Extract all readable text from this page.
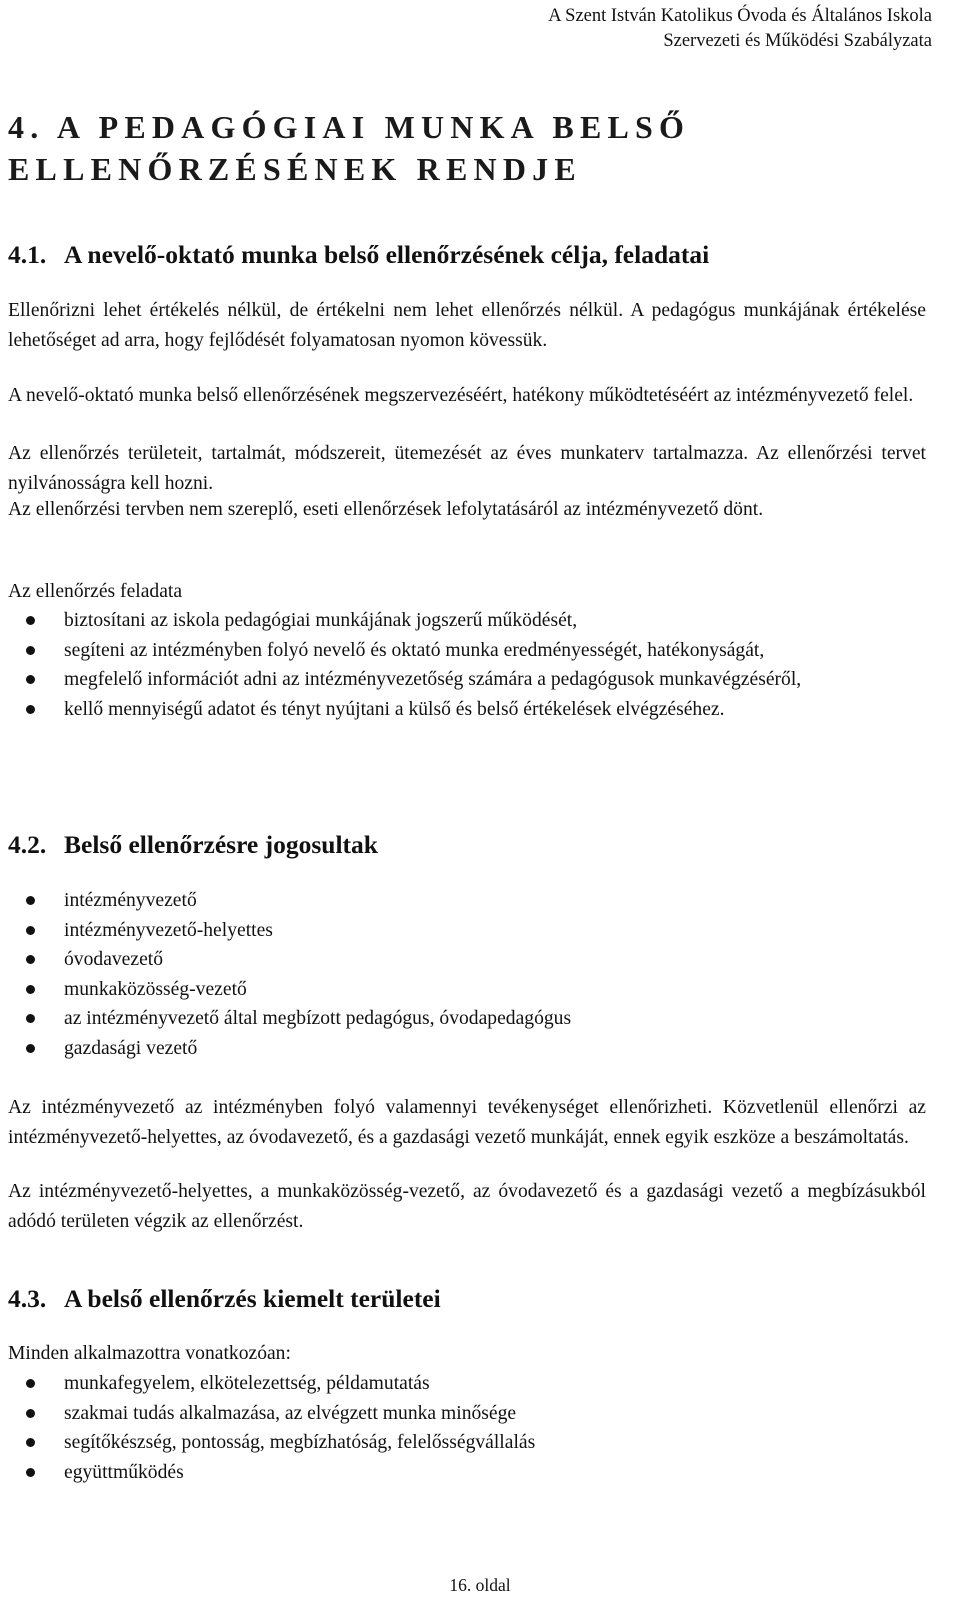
A Szent István Katolikus Óvoda és Általános Iskola
Szervezeti és Működési Szabályzata
4. A PEDAGÓGIAI MUNKA BELSŐ ELLENŐRZÉSÉNEK RENDJE
4.1. A nevelő-oktató munka belső ellenőrzésének célja, feladatai

Ellenőrizni lehet értékelés nélkül, de értékelni nem lehet ellenőrzés nélkül. A pedagógus munkájának értékelése lehetőséget ad arra, hogy fejlődését folyamatosan nyomon kövessük.

A nevelő-oktató munka belső ellenőrzésének megszervezéséért, hatékony működtetéséért az intézményvezető felel.

Az ellenőrzés területeit, tartalmát, módszereit, ütemezését az éves munkaterv tartalmazza. Az ellenőrzési tervet nyilvánosságra kell hozni.

Az ellenőrzési tervben nem szereplő, eseti ellenőrzések lefolytatásáról az intézményvezető dönt.

Az ellenőrzés feladata

biztosítani az iskola pedagógiai munkájának jogszerű működését,
segíteni az intézményben folyó nevelő és oktató munka eredményességét, hatékonyságát,
megfelelő információt adni az intézményvezetőség számára a pedagógusok munkavégzéséről,
kellő mennyiségű adatot és tényt nyújtani a külső és belső értékelések elvégzéséhez.
4.2. Belső ellenőrzésre jogosultak
intézményvezető
intézményvezető-helyettes
óvodavezető
munkaközösség-vezető
az intézményvezető által megbízott pedagógus, óvodapedagógus
gazdasági vezető

Az intézményvezető az intézményben folyó valamennyi tevékenységet ellenőrizheti. Közvetlenül ellenőrzi az intézményvezető-helyettes, az óvodavezető, és a gazdasági vezető munkáját, ennek egyik eszköze a beszámoltatás.

Az intézményvezető-helyettes, a munkaközösség-vezető, az óvodavezető és a gazdasági vezető a megbízásukból adódó területen végzik az ellenőrzést.

4.3. A belső ellenőrzés kiemelt területei

Minden alkalmazottra vonatkozóan:

munkafegyelem, elkötelezettség, példamutatás
szakmai tudás alkalmazása, az elvégzett munka minősége
segítőkészség, pontosság, megbízhatóság, felelősségvállalás
együttműködés
16. oldal
